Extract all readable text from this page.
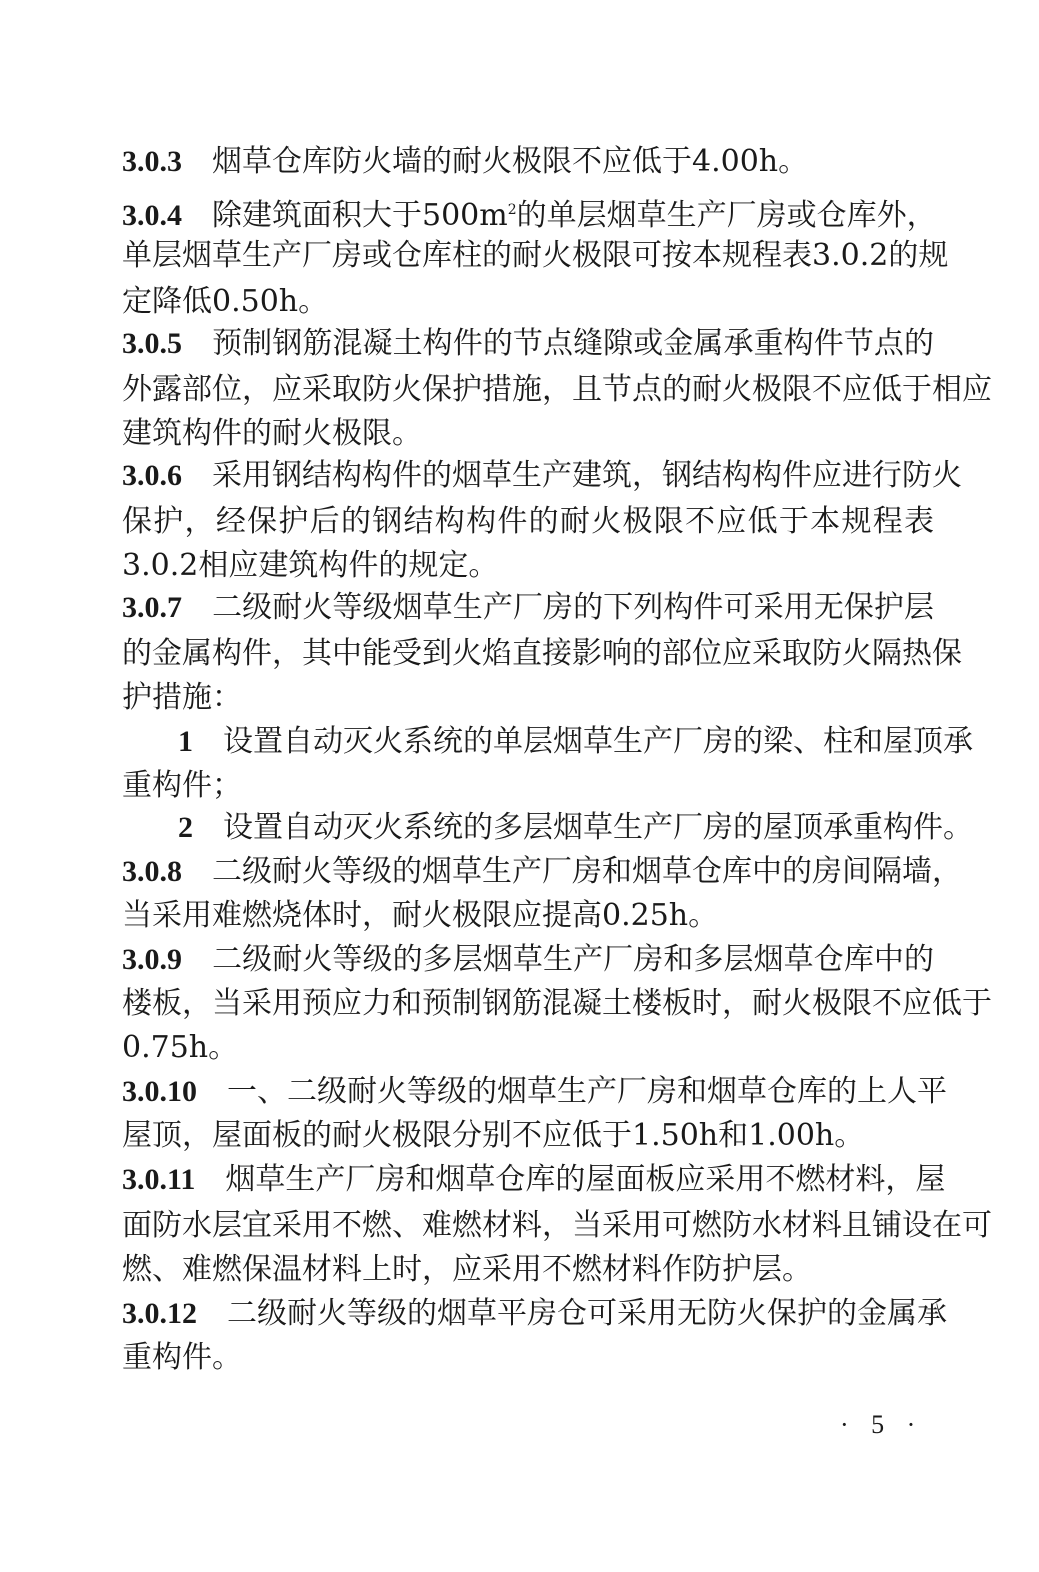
3.0.3 烟草仓库防火墙的耐火极限不应低于4.00h。
3.0.4 除建筑面积大于$500m^2$的单层烟草生产厂房或仓库外，
单层烟草生产厂房或仓库柱的耐火极限可按本规程表3.0.2的规
定降低0.50h。
3.0.5 预制钢筋混凝土构件的节点缝隙或金属承重构件节点的
外露部位，应采取防火保护措施，且节点的耐火极限不应低于相应
建筑构件的耐火极限。
3.0.6 采用钢结构构件的烟草生产建筑，钢结构构件应进行防火
保护，经保护后的钢结构构件的耐火极限不应低于本规程表
3.0.2相应建筑构件的规定。
3.0.7 二级耐火等级烟草生产厂房的下列构件可采用无保护层
的金属构件，其中能受到火焰直接影响的部位应采取防火隔热保
护措施：
1 设置自动灭火系统的单层烟草生产厂房的梁、柱和屋顶承
重构件；
2 设置自动灭火系统的多层烟草生产厂房的屋顶承重构件。
3.0.8 二级耐火等级的烟草生产厂房和烟草仓库中的房间隔墙，
当采用难燃烧体时，耐火极限应提高0.25h。
3.0.9 二级耐火等级的多层烟草生产厂房和多层烟草仓库中的
楼板，当采用预应力和预制钢筋混凝土楼板时，耐火极限不应低于
0.75h。
3.0.10 一、二级耐火等级的烟草生产厂房和烟草仓库的上人平
屋顶，屋面板的耐火极限分别不应低于1.50h和1.00h。
3.0.11 烟草生产厂房和烟草仓库的屋面板应采用不燃材料，屋
面防水层宜采用不燃、难燃材料，当采用可燃防水材料且铺设在可
燃、难燃保温材料上时，应采用不燃材料作防护层。
3.0.12 二级耐火等级的烟草平房仓可采用无防火保护的金属承
重构件。
· 5 ·
